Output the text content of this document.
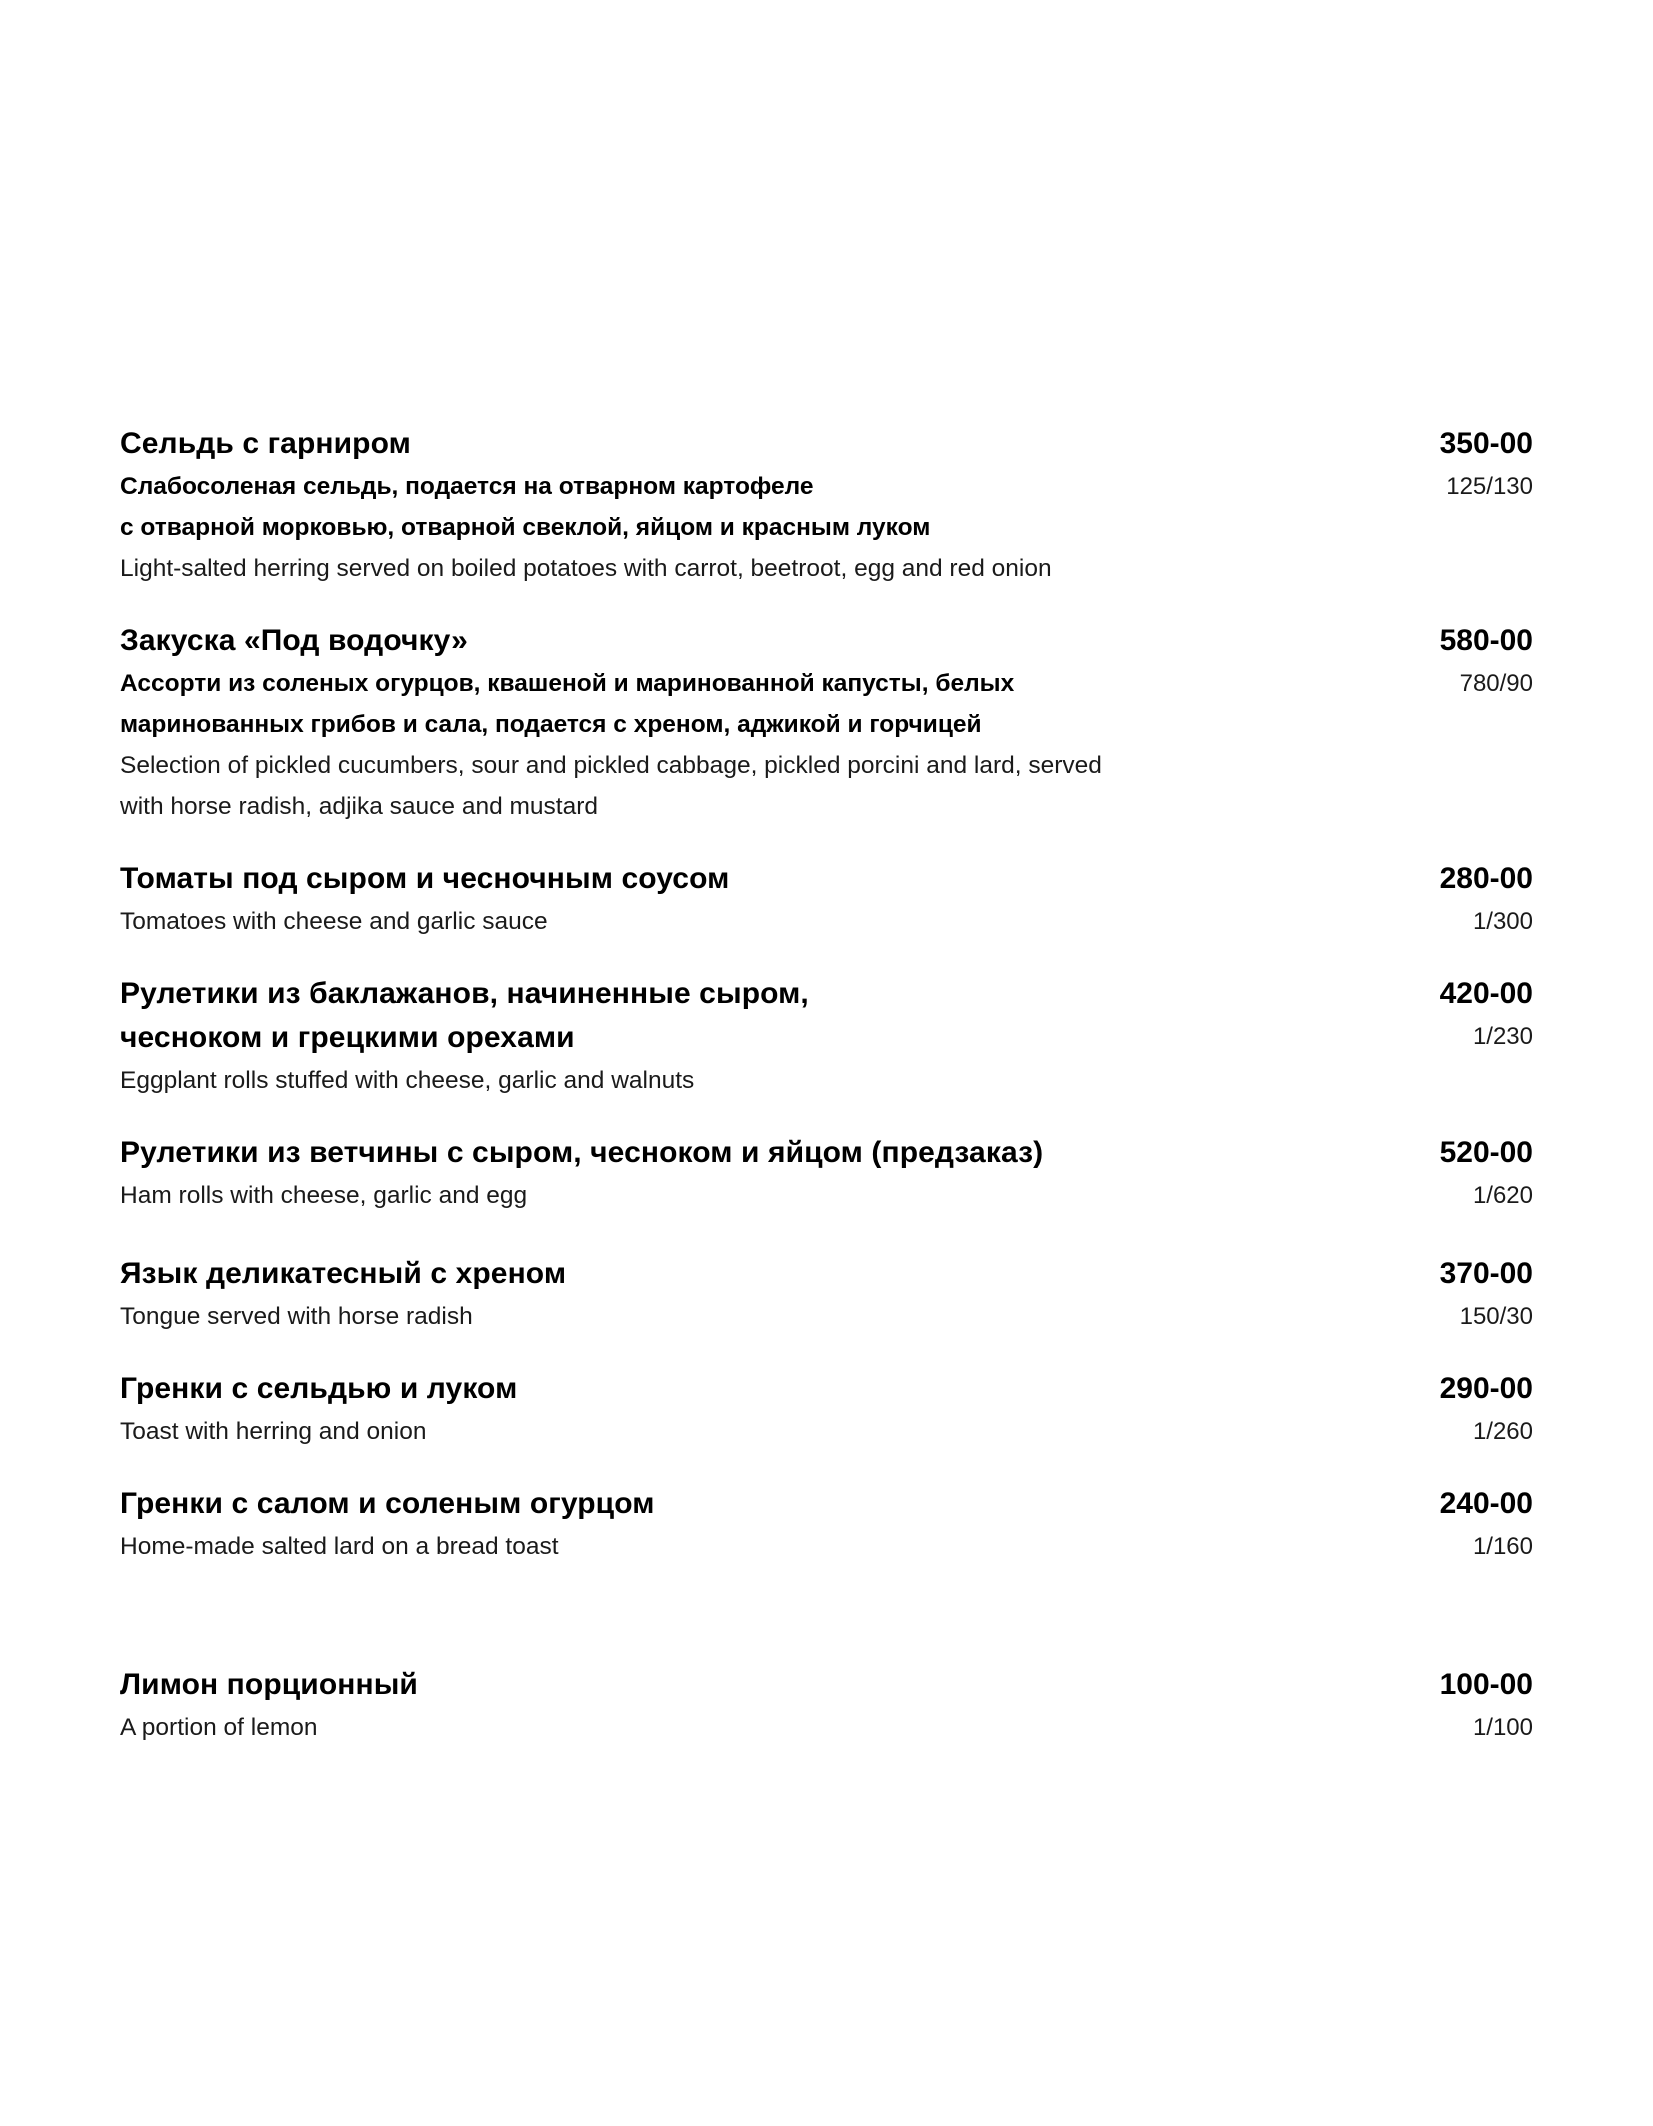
Сельдь с гарниром
Слабосоленая сельдь, подается на отварном картофеле
с отварной морковью, отварной свеклой, яйцом и красным луком
Light-salted herring served on boiled potatoes with carrot, beetroot, egg and red onion
350-00
125/130
Закуска «Под водочку»
Ассорти из соленых огурцов, квашеной и маринованной капусты, белых
маринованных грибов и сала, подается с хреном, аджикой и горчицей
Selection of pickled cucumbers, sour and pickled cabbage, pickled porcini and lard, served
with horse radish, adjika sauce and mustard
580-00
780/90
Томаты под сыром и чесночным соусом
Tomatoes with cheese and garlic sauce
280-00
1/300
Рулетики из баклажанов, начиненные сыром,
чесноком и грецкими орехами
Eggplant rolls stuffed with cheese, garlic and walnuts
420-00
1/230
Рулетики из ветчины с сыром, чесноком и яйцом (предзаказ)
Ham rolls with cheese, garlic and egg
520-00
1/620
Язык деликатесный с хреном
Tongue served with horse radish
370-00
150/30
Гренки с сельдью и луком
Toast with herring and onion
290-00
1/260
Гренки с салом и соленым огурцом
Home-made salted lard on a bread toast
240-00
1/160
Лимон порционный
A portion of lemon
100-00
1/100
